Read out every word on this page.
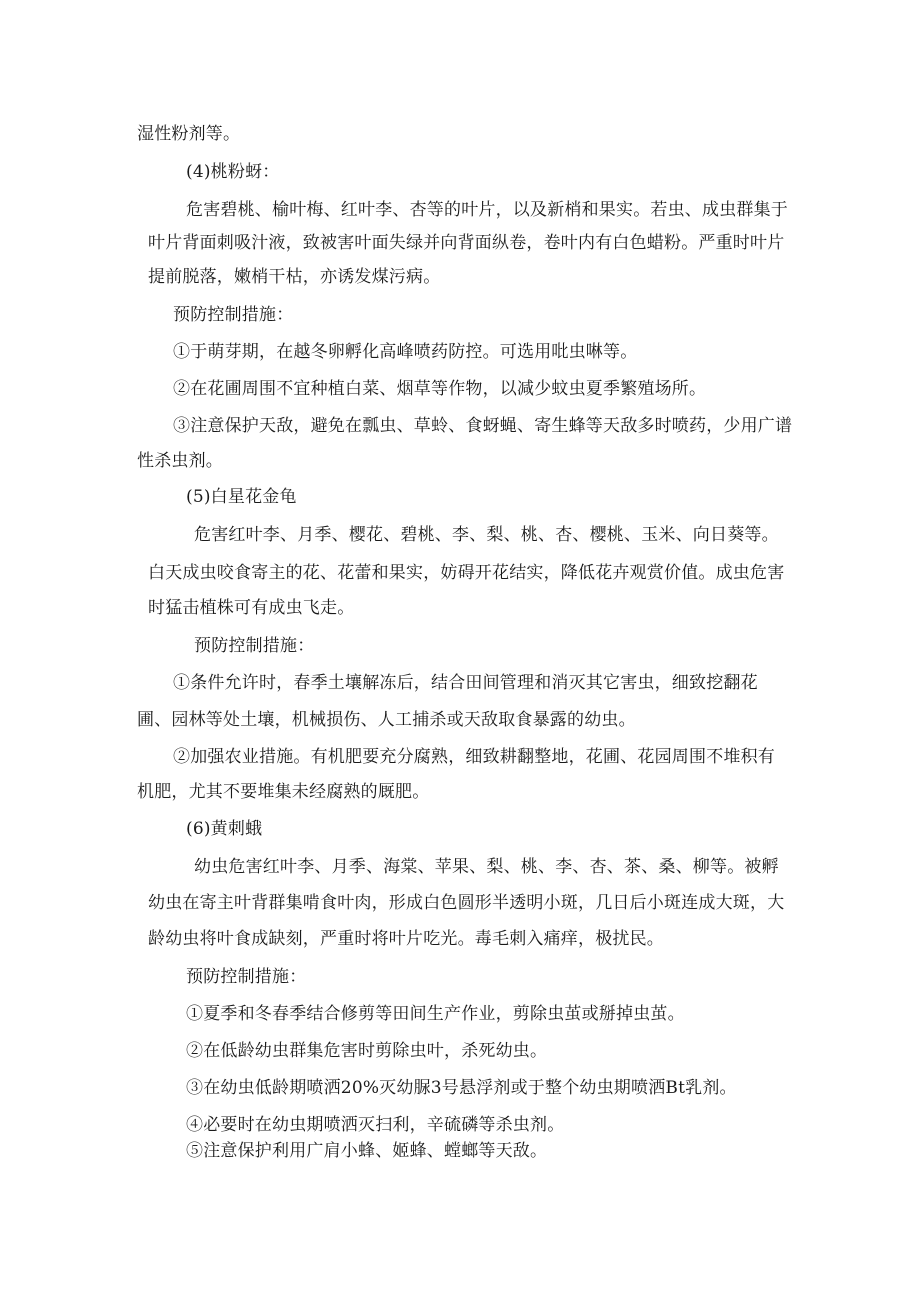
湿性粉剂等。
(4)桃粉蚜：
危害碧桃、榆叶梅、红叶李、杏等的叶片，以及新梢和果实。若虫、成虫群集于
叶片背面刺吸汁液，致被害叶面失绿并向背面纵卷，卷叶内有白色蜡粉。严重时叶片
提前脱落，嫩梢干枯，亦诱发煤污病。
预防控制措施：
①于萌芽期，在越冬卵孵化高峰喷药防控。可选用吡虫啉等。
②在花圃周围不宜种植白菜、烟草等作物，以减少蚊虫夏季繁殖场所。
③注意保护天敌，避免在瓢虫、草蛉、食蚜蝇、寄生蜂等天敌多时喷药，少用广谱
性杀虫剂。
(5)白星花金龟
危害红叶李、月季、樱花、碧桃、李、梨、桃、杏、樱桃、玉米、向日葵等。
白天成虫咬食寄主的花、花蕾和果实，妨碍开花结实，降低花卉观赏价值。成虫危害
时猛击植株可有成虫飞走。
预防控制措施：
①条件允许时，春季土壤解冻后，结合田间管理和消灭其它害虫，细致挖翻花
圃、园林等处土壤，机械损伤、人工捕杀或天敌取食暴露的幼虫。
②加强农业措施。有机肥要充分腐熟，细致耕翻整地，花圃、花园周围不堆积有
机肥，尤其不要堆集未经腐熟的厩肥。
(6)黄刺蛾
幼虫危害红叶李、月季、海棠、苹果、梨、桃、李、杏、茶、桑、柳等。被孵
幼虫在寄主叶背群集啃食叶肉，形成白色圆形半透明小斑，几日后小斑连成大斑，大
龄幼虫将叶食成缺刻，严重时将叶片吃光。毒毛刺入痛痒，极扰民。
预防控制措施：
①夏季和冬春季结合修剪等田间生产作业，剪除虫茧或掰掉虫茧。
②在低龄幼虫群集危害时剪除虫叶，杀死幼虫。
③在幼虫低龄期喷洒20%灭幼脲3号悬浮剂或于整个幼虫期喷洒Bt乳剂。
④必要时在幼虫期喷洒灭扫利，辛硫磷等杀虫剂。
⑤注意保护利用广肩小蜂、姬蜂、螳螂等天敌。
